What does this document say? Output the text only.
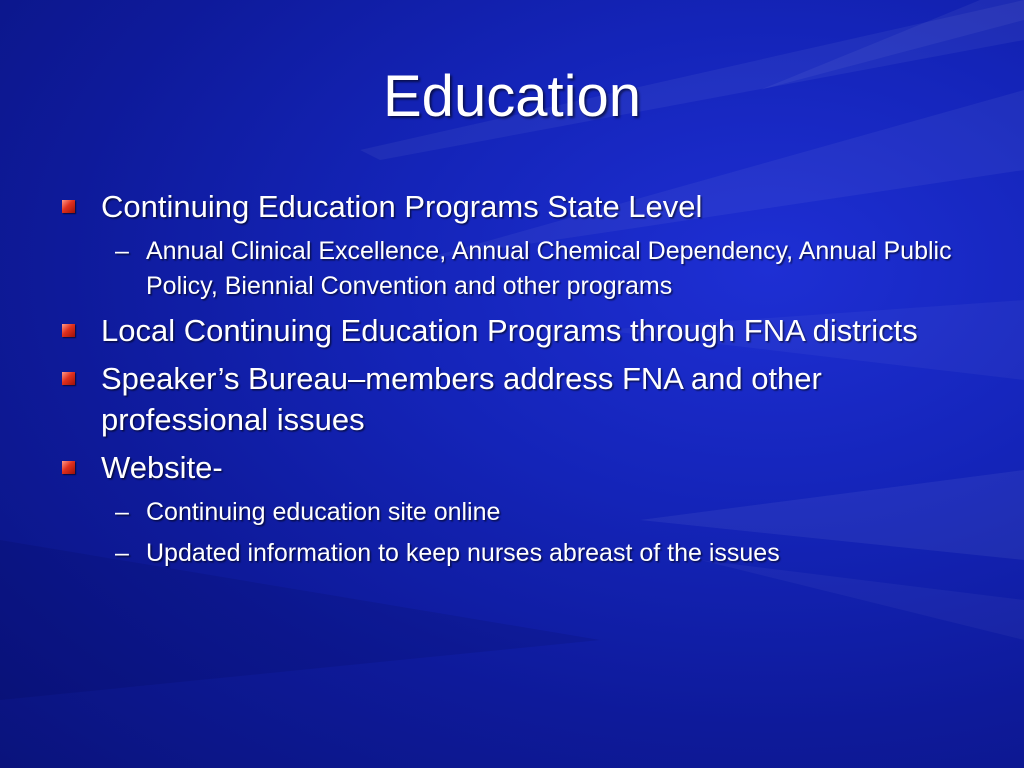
Education
Continuing Education Programs State Level
– Annual Clinical Excellence, Annual Chemical Dependency, Annual Public Policy, Biennial Convention and other programs
Local Continuing Education Programs through FNA districts
Speaker’s Bureau–members address FNA and other professional issues
Website-
– Continuing education site online
– Updated information to keep nurses abreast of the issues
